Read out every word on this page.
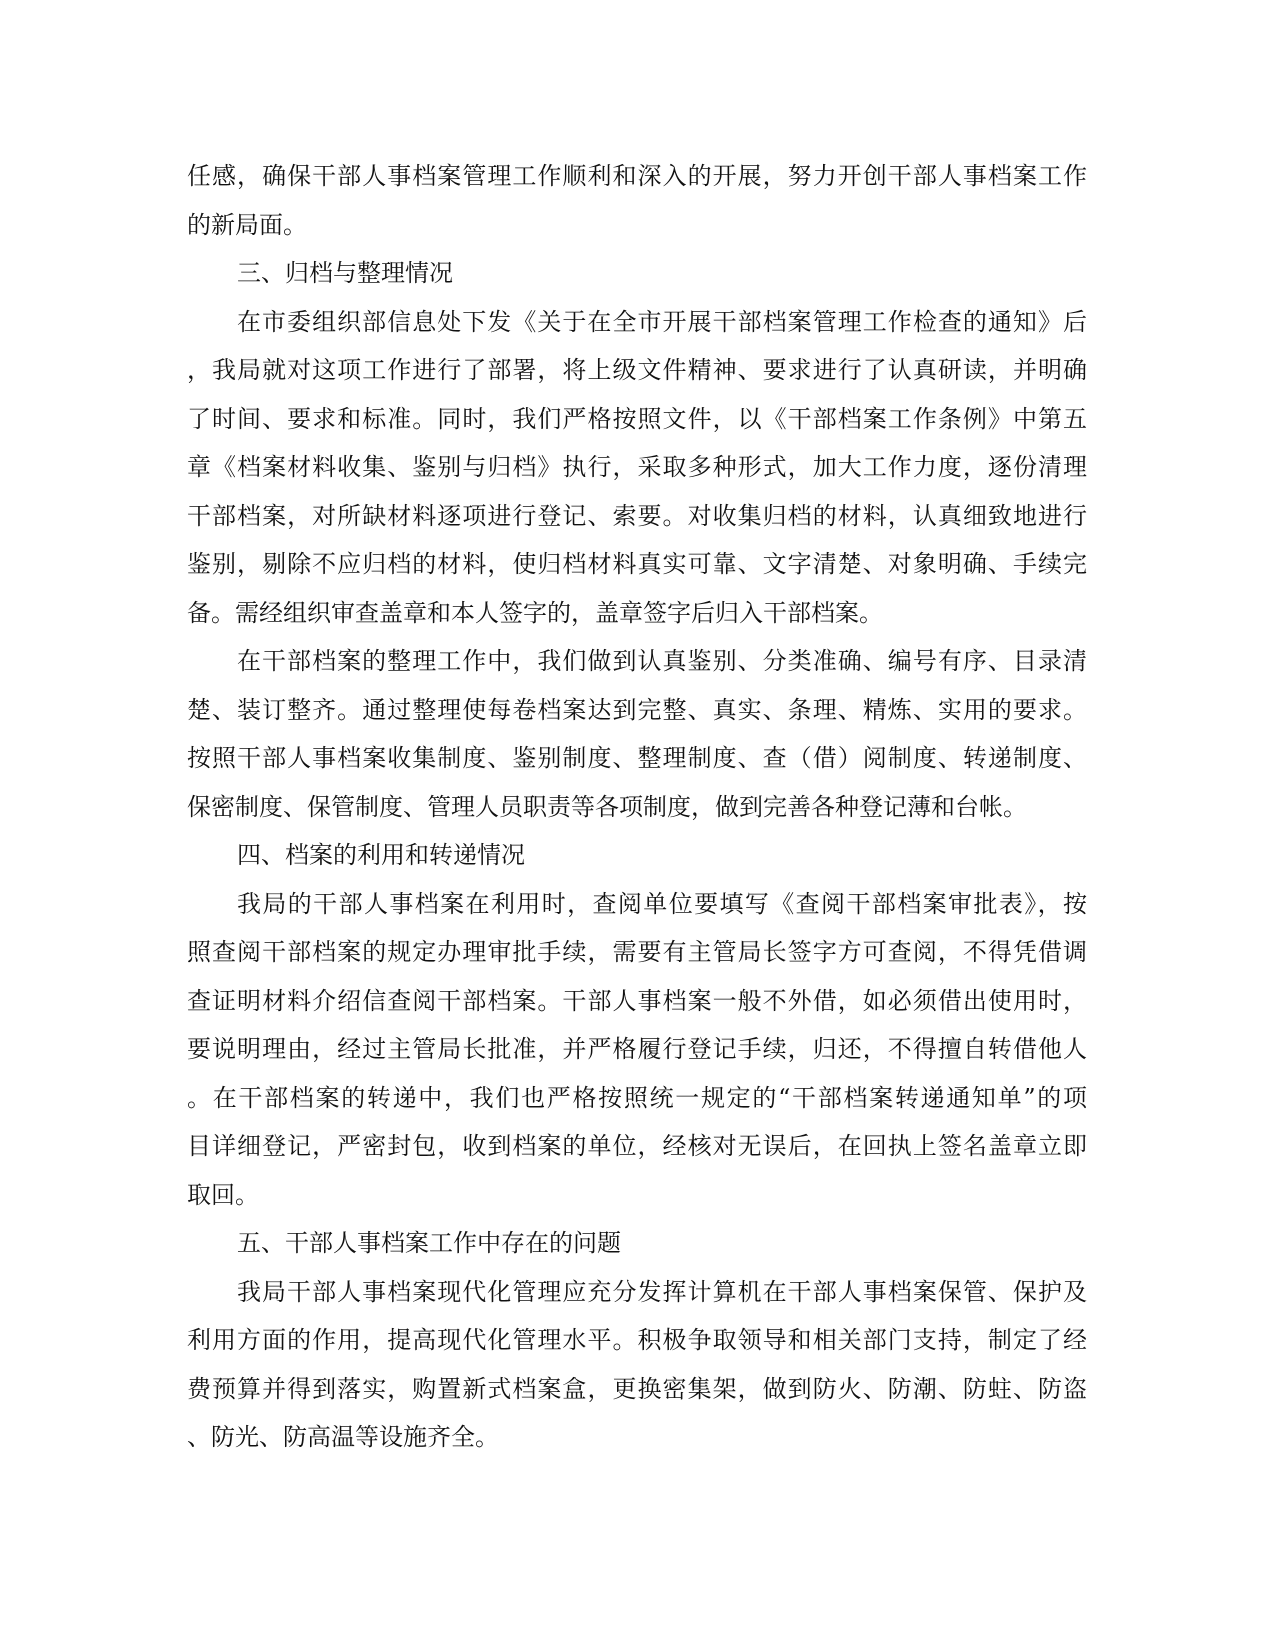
任感，确保干部人事档案管理工作顺利和深入的开展，努力开创干部人事档案工作
的新局面。
三、归档与整理情况
在市委组织部信息处下发《关于在全市开展干部档案管理工作检查的通知》后
，我局就对这项工作进行了部署，将上级文件精神、要求进行了认真研读，并明确
了时间、要求和标准。同时，我们严格按照文件，以《干部档案工作条例》中第五
章《档案材料收集、鉴别与归档》执行，采取多种形式，加大工作力度，逐份清理
干部档案，对所缺材料逐项进行登记、索要。对收集归档的材料，认真细致地进行
鉴别，剔除不应归档的材料，使归档材料真实可靠、文字清楚、对象明确、手续完
备。需经组织审查盖章和本人签字的，盖章签字后归入干部档案。
在干部档案的整理工作中，我们做到认真鉴别、分类准确、编号有序、目录清
楚、装订整齐。通过整理使每卷档案达到完整、真实、条理、精炼、实用的要求。
按照干部人事档案收集制度、鉴别制度、整理制度、查（借）阅制度、转递制度、
保密制度、保管制度、管理人员职责等各项制度，做到完善各种登记薄和台帐。
四、档案的利用和转递情况
我局的干部人事档案在利用时，查阅单位要填写《查阅干部档案审批表》，按
照查阅干部档案的规定办理审批手续，需要有主管局长签字方可查阅，不得凭借调
查证明材料介绍信查阅干部档案。干部人事档案一般不外借，如必须借出使用时，
要说明理由，经过主管局长批准，并严格履行登记手续，归还，不得擅自转借他人
。在干部档案的转递中，我们也严格按照统一规定的“干部档案转递通知单”的项
目详细登记，严密封包，收到档案的单位，经核对无误后，在回执上签名盖章立即
取回。
五、干部人事档案工作中存在的问题
我局干部人事档案现代化管理应充分发挥计算机在干部人事档案保管、保护及
利用方面的作用，提高现代化管理水平。积极争取领导和相关部门支持，制定了经
费预算并得到落实，购置新式档案盒，更换密集架，做到防火、防潮、防蛀、防盗
、防光、防高温等设施齐全。
